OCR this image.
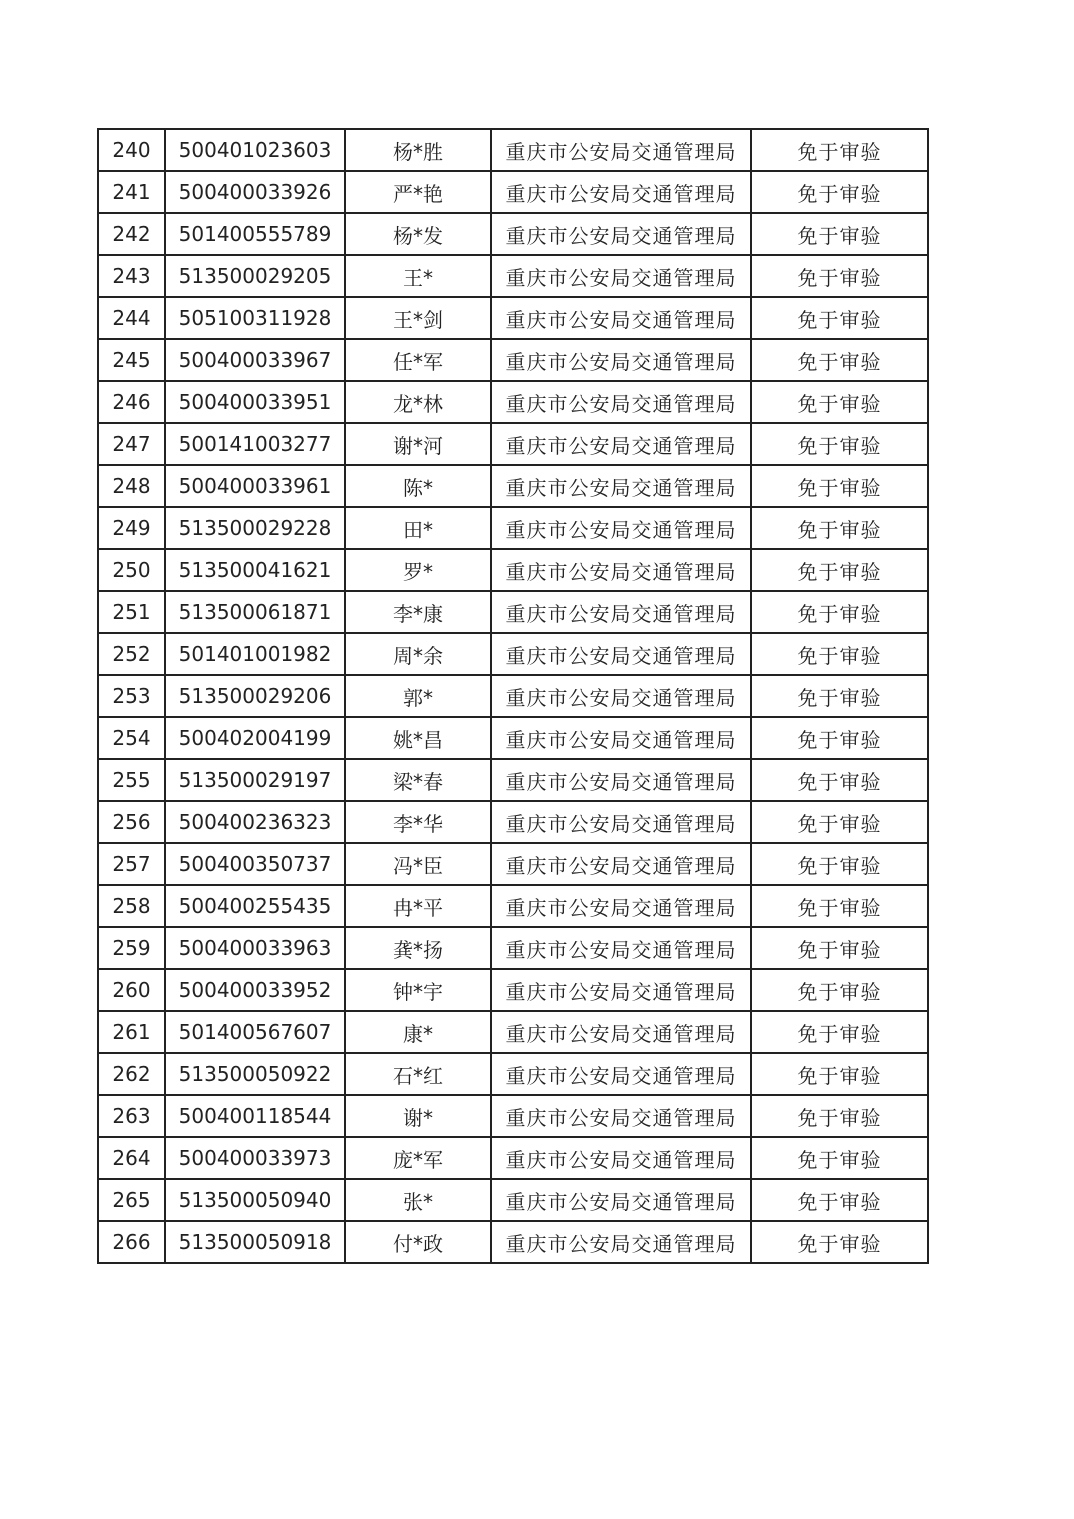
240	500401023603	杨*胜	重庆市公安局交通管理局	免于审验
241	500400033926	严*艳	重庆市公安局交通管理局	免于审验
242	501400555789	杨*发	重庆市公安局交通管理局	免于审验
243	513500029205	王*	重庆市公安局交通管理局	免于审验
244	505100311928	王*剑	重庆市公安局交通管理局	免于审验
245	500400033967	任*军	重庆市公安局交通管理局	免于审验
246	500400033951	龙*林	重庆市公安局交通管理局	免于审验
247	500141003277	谢*河	重庆市公安局交通管理局	免于审验
248	500400033961	陈*	重庆市公安局交通管理局	免于审验
249	513500029228	田*	重庆市公安局交通管理局	免于审验
250	513500041621	罗*	重庆市公安局交通管理局	免于审验
251	513500061871	李*康	重庆市公安局交通管理局	免于审验
252	501401001982	周*余	重庆市公安局交通管理局	免于审验
253	513500029206	郭*	重庆市公安局交通管理局	免于审验
254	500402004199	姚*昌	重庆市公安局交通管理局	免于审验
255	513500029197	梁*春	重庆市公安局交通管理局	免于审验
256	500400236323	李*华	重庆市公安局交通管理局	免于审验
257	500400350737	冯*臣	重庆市公安局交通管理局	免于审验
258	500400255435	冉*平	重庆市公安局交通管理局	免于审验
259	500400033963	龚*扬	重庆市公安局交通管理局	免于审验
260	500400033952	钟*宇	重庆市公安局交通管理局	免于审验
261	501400567607	康*	重庆市公安局交通管理局	免于审验
262	513500050922	石*红	重庆市公安局交通管理局	免于审验
263	500400118544	谢*	重庆市公安局交通管理局	免于审验
264	500400033973	庞*军	重庆市公安局交通管理局	免于审验
265	513500050940	张*	重庆市公安局交通管理局	免于审验
266	513500050918	付*政	重庆市公安局交通管理局	免于审验
